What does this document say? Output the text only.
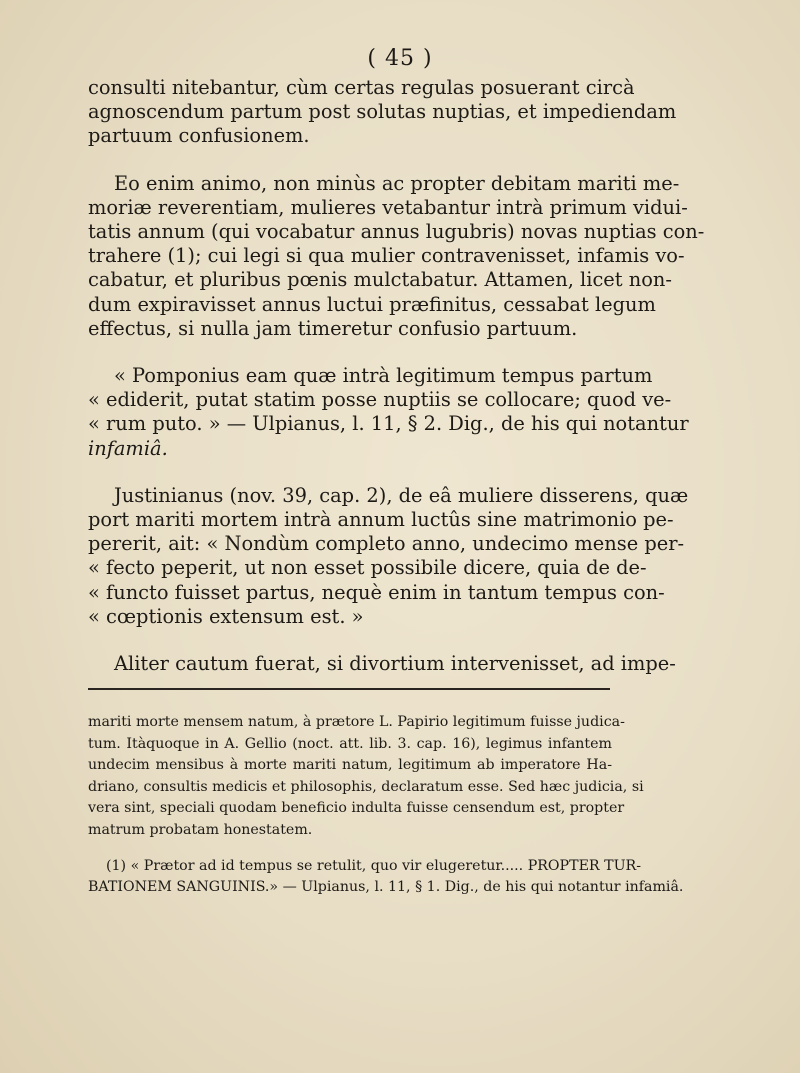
( 45 )
consulti nitebantur, cùm certas regulas posuerant circà
agnoscendum partum post solutas nuptias, et impediendam
partuum confusionem.
Eo enim animo, non minùs ac propter debitam mariti me-
moriæ reverentiam, mulieres vetabantur intrà primum vidui-
tatis annum (qui vocabatur annus lugubris) novas nuptias con-
trahere (1); cui legi si qua mulier contravenisset, infamis vo-
cabatur, et pluribus pœnis mulctabatur. Attamen, licet non-
dum expiravisset annus luctui præfinitus, cessabat legum
effectus, si nulla jam timeretur confusio partuum.
« Pomponius eam quæ intrà legitimum tempus partum
« ediderit, putat statim posse nuptiis se collocare; quod ve-
« rum puto. » — Ulpianus, l. 11, § 2. Dig., de his qui notantur
infamiâ.
Justinianus (nov. 39, cap. 2), de eâ muliere disserens, quæ
port mariti mortem intrà annum luctûs sine matrimonio pe-
pererit, ait: « Nondùm completo anno, undecimo mense per-
« fecto peperit, ut non esset possibile dicere, quia de de-
« functo fuisset partus, nequè enim in tantum tempus con-
« cœptionis extensum est. »
Aliter cautum fuerat, si divortium intervenisset, ad impe-
mariti morte mensem natum, à prætore L. Papirio legitimum fuisse judica-
tum. Itàquoque in A. Gellio (noct. att. lib. 3. cap. 16), legimus infantem
undecim mensibus à morte mariti natum, legitimum ab imperatore Ha-
driano, consultis medicis et philosophis, declaratum esse. Sed hæc judicia, si
vera sint, speciali quodam beneficio indulta fuisse censendum est, propter
matrum probatam honestatem.
(1) « Prætor ad id tempus se retulit, quo vir elugeretur..... PROPTER TUR-
BATIONEM SANGUINIS.» — Ulpianus, l. 11, § 1. Dig., de his qui notantur infamiâ.
